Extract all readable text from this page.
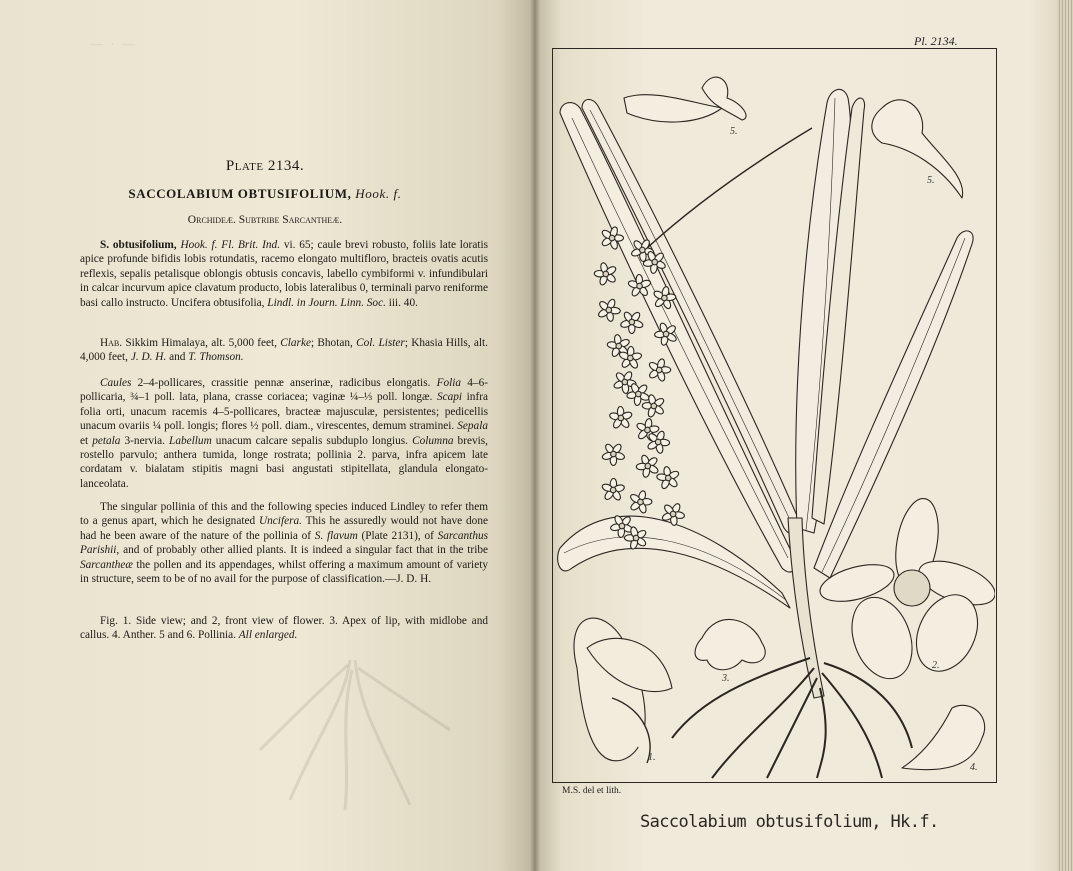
— · —
Plate 2134.
SACCOLABIUM OBTUSIFOLIUM, Hook. f.
Orchideæ. Subtribe Sarcantheæ.

S. obtusifolium, Hook. f. Fl. Brit. Ind. vi. 65; caule brevi robusto, foliis late loratis apice profunde bifidis lobis rotundatis, racemo elongato multifloro, bracteis ovatis acutis reflexis, sepalis petalisque oblongis obtusis concavis, labello cymbiformi v. infundibulari in calcar incurvum apice clavatum producto, lobis lateralibus 0, terminali parvo reniforme basi callo instructo. Uncifera obtusifolia, Lindl. in Journ. Linn. Soc. iii. 40.

Hab. Sikkim Himalaya, alt. 5,000 feet, Clarke; Bhotan, Col. Lister; Khasia Hills, alt. 4,000 feet, J. D. H. and T. Thomson.

Caules 2–4-pollicares, crassitie pennæ anserinæ, radicibus elongatis. Folia 4–6-pollicaria, ¾–1 poll. lata, plana, crasse coriacea; vaginæ ¼–⅓ poll. longæ. Scapi infra folia orti, unacum racemis 4–5-pollicares, bracteæ majusculæ, persistentes; pedicellis unacum ovariis ¼ poll. longis; flores ½ poll. diam., virescentes, demum straminei. Sepala et petala 3-nervia. Labellum unacum calcare sepalis subduplo longius. Columna brevis, rostello parvulo; anthera tumida, longe rostrata; pollinia 2. parva, infra apicem late cordatam v. bialatam stipitis magni basi angustati stipitellata, glandula elongato-lanceolata.

The singular pollinia of this and the following species induced Lindley to refer them to a genus apart, which he designated Uncifera. This he assuredly would not have done had he been aware of the nature of the pollinia of S. flavum (Plate 2131), of Sarcanthus Parishii, and of probably other allied plants. It is indeed a singular fact that in the tribe Sarcantheæ the pollen and its appendages, whilst offering a maximum amount of variety in structure, seem to be of no avail for the purpose of classification.—J. D. H.

Fig. 1. Side view; and 2, front view of flower. 3. Apex of lip, with midlobe and callus. 4. Anther. 5 and 6. Pollinia. All enlarged.

Pl. 2134.
5.
5.
2.
3.
1.
4.
M.S. del et lith.
Saccolabium obtusifolium, Hk.f.
